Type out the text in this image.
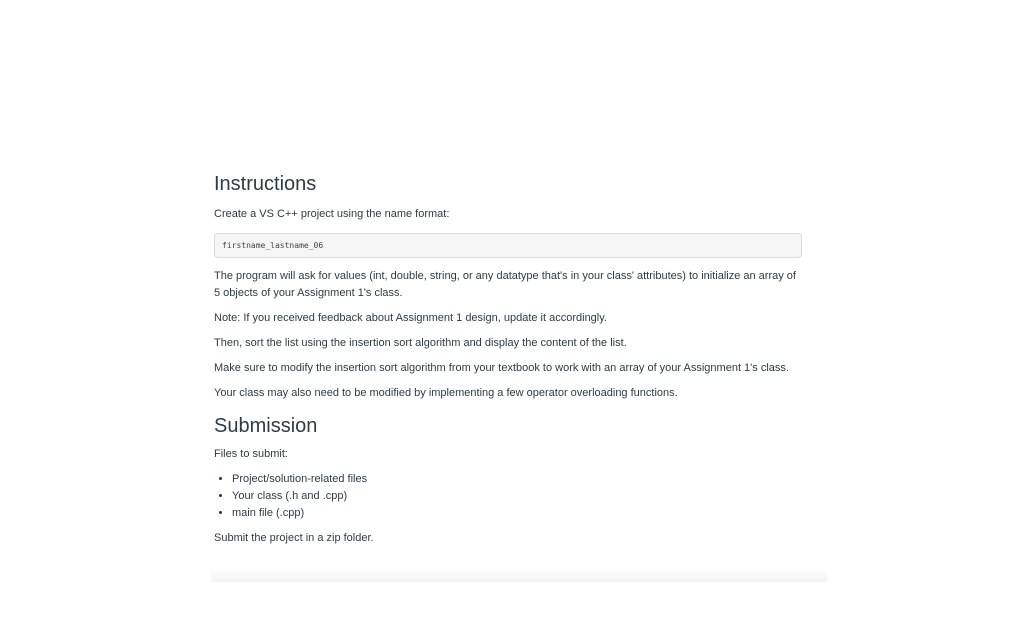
Instructions

Create a VS C++ project using the name format:

firstname_lastname_06

The program will ask for values (int, double, string, or any datatype that's in your class' attributes) to initialize an array of 5 objects of your Assignment 1's class.

Note: If you received feedback about Assignment 1 design, update it accordingly.

Then, sort the list using the insertion sort algorithm and display the content of the list.

Make sure to modify the insertion sort algorithm from your textbook to work with an array of your Assignment 1's class.

Your class may also need to be modified by implementing a few operator overloading functions.

Submission

Files to submit:

• Project/solution-related files
• Your class (.h and .cpp)
• main file (.cpp)

Submit the project in a zip folder.
